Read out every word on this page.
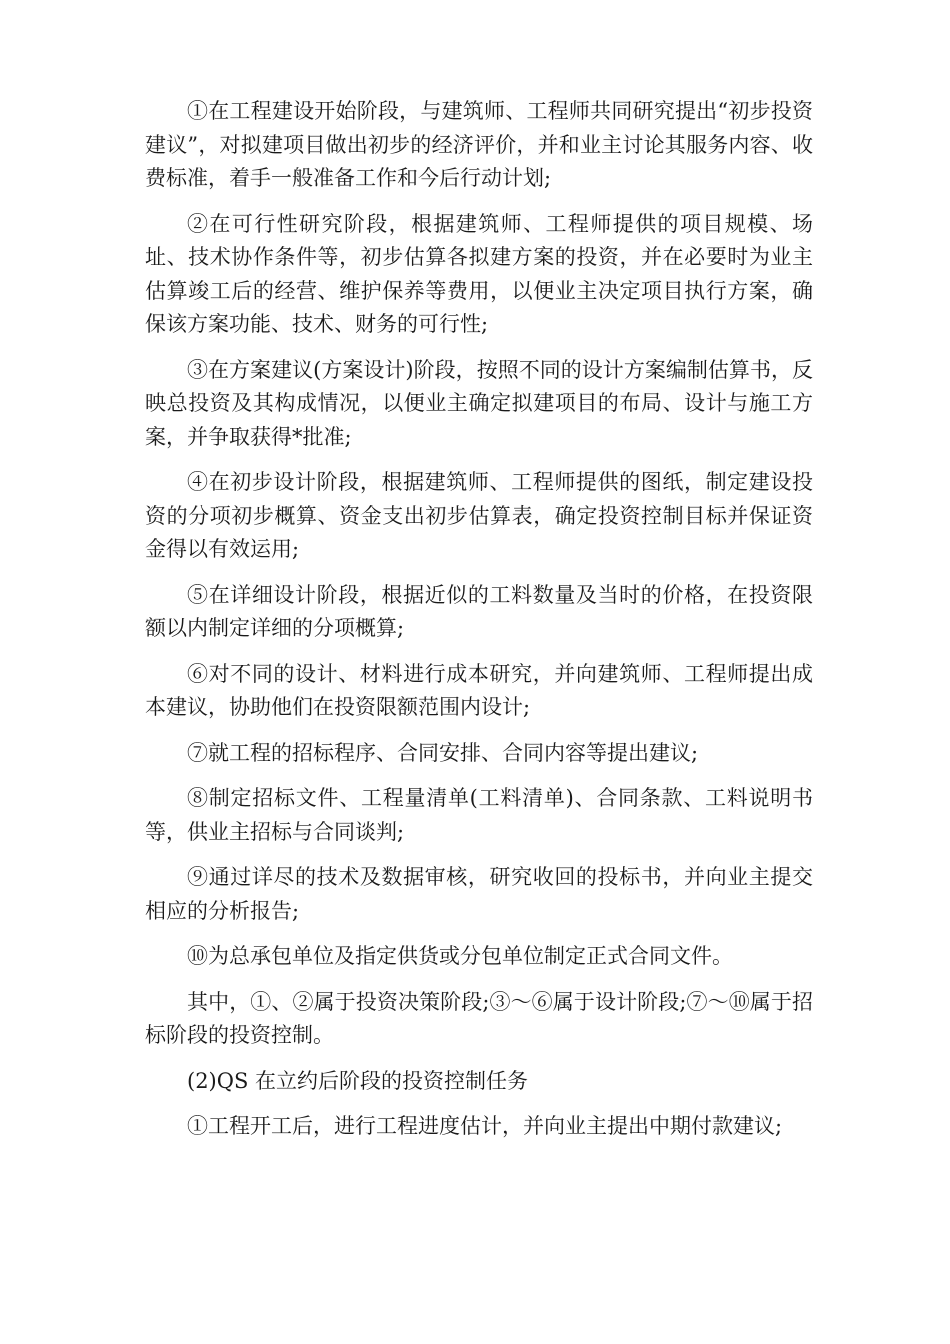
①在工程建设开始阶段，与建筑师、工程师共同研究提出“初步投资建议”，对拟建项目做出初步的经济评价，并和业主讨论其服务内容、收费标准，着手一般准备工作和今后行动计划;

②在可行性研究阶段，根据建筑师、工程师提供的项目规模、场址、技术协作条件等，初步估算各拟建方案的投资，并在必要时为业主估算竣工后的经营、维护保养等费用，以便业主决定项目执行方案，确保该方案功能、技术、财务的可行性;

③在方案建议(方案设计)阶段，按照不同的设计方案编制估算书，反映总投资及其构成情况，以便业主确定拟建项目的布局、设计与施工方案，并争取获得*批准;

④在初步设计阶段，根据建筑师、工程师提供的图纸，制定建设投资的分项初步概算、资金支出初步估算表，确定投资控制目标并保证资金得以有效运用;

⑤在详细设计阶段，根据近似的工料数量及当时的价格，在投资限额以内制定详细的分项概算;

⑥对不同的设计、材料进行成本研究，并向建筑师、工程师提出成本建议，协助他们在投资限额范围内设计;

⑦就工程的招标程序、合同安排、合同内容等提出建议;

⑧制定招标文件、工程量清单(工料清单)、合同条款、工料说明书等，供业主招标与合同谈判;

⑨通过详尽的技术及数据审核，研究收回的投标书，并向业主提交相应的分析报告;

⑩为总承包单位及指定供货或分包单位制定正式合同文件。

其中，①、②属于投资决策阶段;③～⑥属于设计阶段;⑦～⑩属于招标阶段的投资控制。

(2)QS 在立约后阶段的投资控制任务

①工程开工后，进行工程进度估计，并向业主提出中期付款建议;
